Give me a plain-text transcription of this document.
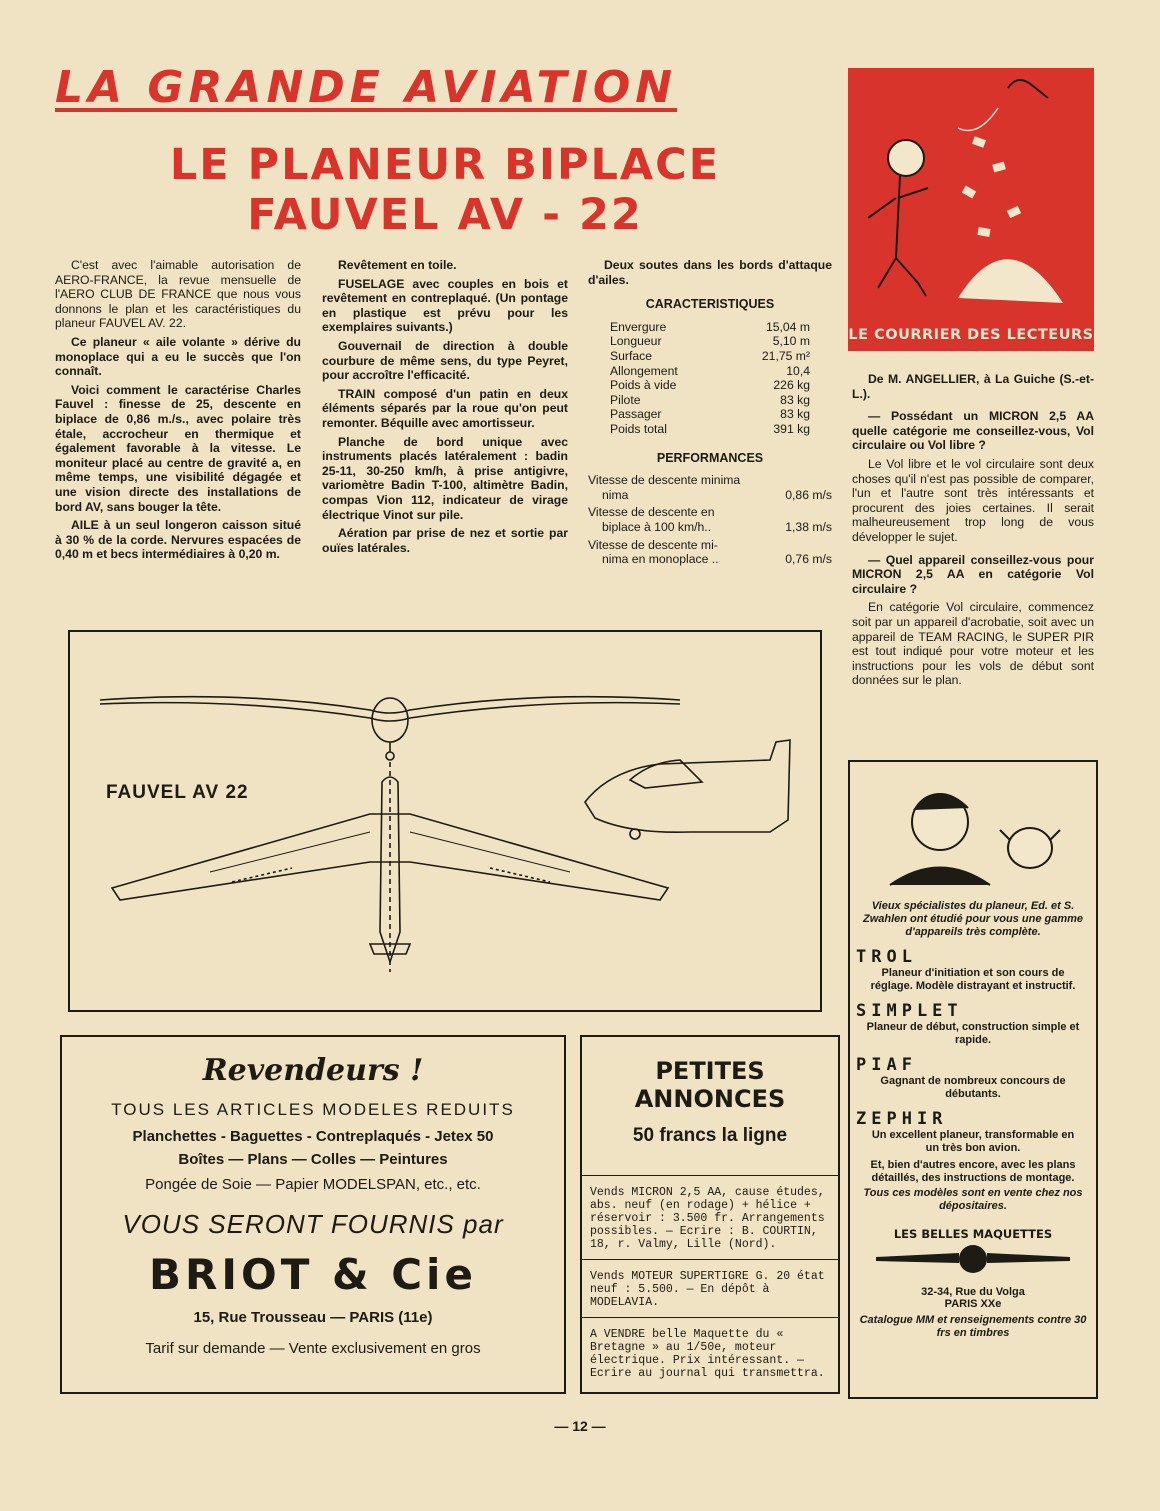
LA GRANDE AVIATION
LE PLANEUR BIPLACE
FAUVEL AV - 22

C'est avec l'aimable autorisation de AERO-FRANCE, la revue mensuelle de l'AERO CLUB DE FRANCE que nous vous donnons le plan et les caractéristiques du planeur FAUVEL AV. 22.

Ce planeur « aile volante » dérive du monoplace qui a eu le succès que l'on connaît.

Voici comment le caractérise Charles Fauvel : finesse de 25, descente en biplace de 0,86 m./s., avec polaire très étale, accrocheur en thermique et également favorable à la vitesse. Le moniteur placé au centre de gravité a, en même temps, une visibilité dégagée et une vision directe des installations de bord AV, sans bouger la tête.

AILE à un seul longeron caisson situé à 30 % de la corde. Nervures espacées de 0,40 m et becs intermédiaires à 0,20 m.

Revêtement en toile.

FUSELAGE avec couples en bois et revêtement en contreplaqué. (Un pontage en plastique est prévu pour les exemplaires suivants.)

Gouvernail de direction à double courbure de même sens, du type Peyret, pour accroître l'efficacité.

TRAIN composé d'un patin en deux éléments séparés par la roue qu'on peut remonter. Béquille avec amortisseur.

Planche de bord unique avec instruments placés latéralement : badin 25-11, 30-250 km/h, à prise antigivre, variomètre Badin T-100, altimètre Badin, compas Vion 112, indicateur de virage électrique Vinot sur pile.

Aération par prise de nez et sortie par ouïes latérales.

Deux soutes dans les bords d'attaque d'ailes.

CARACTERISTIQUES
Envergure	15,04 m
Longueur	5,10 m
Surface	21,75 m²
Allongement	10,4
Poids à vide	226 kg
Pilote	83 kg
Passager	83 kg
Poids total	391 kg
PERFORMANCES
Vitesse de descente minima
nima	0,86 m/s
Vitesse de descente en
biplace à 100 km/h..	1,38 m/s
Vitesse de descente mi-
nima en monoplace ..	0,76 m/s
FAUVEL AV 22
LE COURRIER DES LECTEURS

De M. ANGELLIER, à La Guiche (S.-et-L.).

— Possédant un MICRON 2,5 AA quelle catégorie me conseillez-vous, Vol circulaire ou Vol libre ?

Le Vol libre et le vol circulaire sont deux choses qu'il n'est pas possible de comparer, l'un et l'autre sont très intéressants et procurent des joies certaines. Il serait malheureusement trop long de vous développer le sujet.

— Quel appareil conseillez-vous pour MICRON 2,5 AA en catégorie Vol circulaire ?

En catégorie Vol circulaire, commencez soit par un appareil d'acrobatie, soit avec un appareil de TEAM RACING, le SUPER PIR est tout indiqué pour votre moteur et les instructions pour les vols de début sont données sur le plan.

Revendeurs !
TOUS LES ARTICLES MODELES REDUITS
Planchettes - Baguettes - Contreplaqués - Jetex 50
Boîtes — Plans — Colles — Peintures
Pongée de Soie — Papier MODELSPAN, etc., etc.
VOUS SERONT FOURNIS par
BRIOT & Cie
15, Rue Trousseau — PARIS (11e)
Tarif sur demande — Vente exclusivement en gros
PETITES ANNONCES
50 francs la ligne
Vends MICRON 2,5 AA, cause études, abs. neuf (en rodage) + hélice + réservoir : 3.500 fr. Arrangements possibles. — Ecrire : B. COURTIN, 18, r. Valmy, Lille (Nord).
Vends MOTEUR SUPERTIGRE G. 20 état neuf : 5.500. — En dépôt à MODELAVIA.
A VENDRE belle Maquette du « Bretagne » au 1/50e, moteur électrique. Prix intéressant. — Ecrire au journal qui transmettra.
Vieux spécialistes du planeur, Ed. et S. Zwahlen ont étudié pour vous une gamme d'appareils très complète.
TROL
Planeur d'initiation et son cours de réglage. Modèle distrayant et instructif.
SIMPLET
Planeur de début, construction simple et rapide.
PIAF
Gagnant de nombreux concours de débutants.
ZEPHIR
Un excellent planeur, transformable en un très bon avion.
Et, bien d'autres encore, avec les plans détaillés, des instructions de montage.
Tous ces modèles sont en vente chez nos dépositaires.
LES BELLES MAQUETTES
32-34, Rue du Volga
PARIS XXe
Catalogue MM et renseignements contre 30 frs en timbres
— 12 —
